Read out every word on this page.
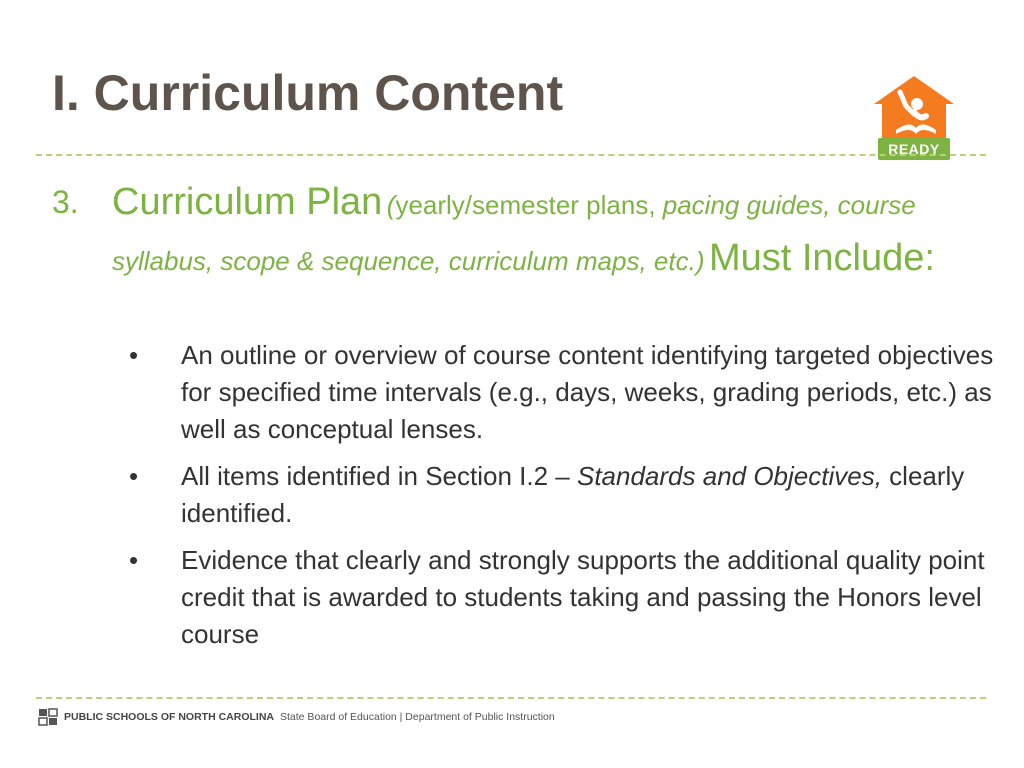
I. Curriculum Content
READY
3. Curriculum Plan (yearly/semester plans, pacing guides, course syllabus, scope & sequence, curriculum maps, etc.) Must Include:
• An outline or overview of course content identifying targeted objectives for specified time intervals (e.g., days, weeks, grading periods, etc.) as well as conceptual lenses.
• All items identified in Section I.2 – Standards and Objectives, clearly identified.
• Evidence that clearly and strongly supports the additional quality point credit that is awarded to students taking and passing the Honors level course
PUBLIC SCHOOLS OF NORTH CAROLINA State Board of Education | Department of Public Instruction
